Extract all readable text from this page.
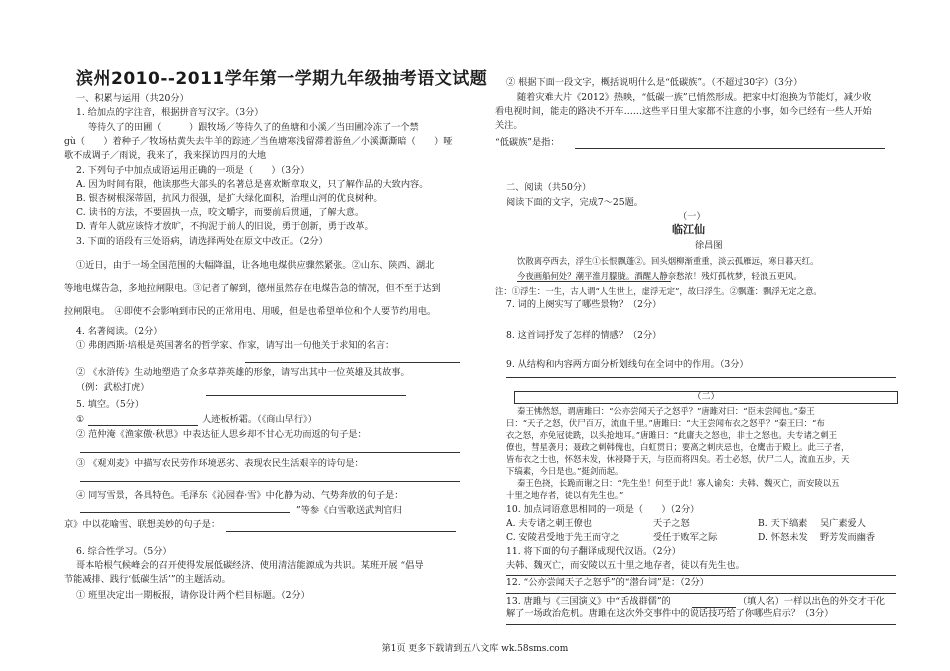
滨州2010--2011学年第一学期九年级抽考语文试题
一、积累与运用（共20分）
1. 给加点的字注音，根据拼音写汉字。（3分）
等待久了的田圃（　　　）跟牧场／等待久了的鱼塘和小溪／当田圃冷冻了一个禁
gù（　　）着种子／牧场枯黄失去牛羊的踪迹／当鱼塘寒浅留滞着游鱼／小溪澌澌暗（　　）哑
歌不成调子／雨说，我来了，我来探访四月的大地
2. 下列句子中加点成语运用正确的一项是（　　）（3分）
A. 因为时间有限，他读那些大部头的名著总是喜欢断章取义，只了解作品的大致内容。
B. 银杏树根深蒂固，抗风力很强，是扩大绿化面积，治理山河的优良树种。
C. 读书的方法，不要固执一点，咬文嚼字，而要前后贯通，了解大意。
D. 青年人就应该恃才放旷，不拘泥于前人的旧说，勇于创新，勇于改革。
3. 下面的语段有三处语病，请选择两处在原文中改正。（2分）
①近日，由于一场全国范围的大幅降温，让各地电煤供应骤然紧张。②山东、陕西、湖北
等地电煤告急，多地拉闸限电。③记者了解到，德州虽然存在电煤告急的情况，但不至于达到
拉闸限电。　④即使不会影响到市民的正常用电、用暖，但是也希望单位和个人要节约用电。
4. 名著阅读。（2分）
① 弗朗西斯·培根是英国著名的哲学家、作家，请写出一句他关于求知的名言：
② 《水浒传》生动地塑造了众多草莽英雄的形象，请写出其中一位英雄及其故事。
（例：武松打虎）
5. 填空。（5分）
①	人迹板桥霜。（《商山早行》）
② 范仲淹《渔家傲·秋思》中表达征人思乡却不甘心无功而返的句子是：
③ 《观刈麦》中描写农民劳作环境恶劣、表现农民生活艰辛的诗句是：
④ 同写雪景，各具特色。毛泽东《沁园春·雪》中化静为动、气势奔放的句子是：
”等参《白雪歌送武判官归
京》中以花喻雪、联想美妙的句子是：
6. 综合性学习。（5分）
哥本哈根气候峰会的召开使得发展低碳经济、使用清洁能源成为共识。某班开展 “倡导
节能减排、践行‘低碳生活’”的主题活动。
① 班里决定出一期板报，请你设计两个栏目标题。（2分）
② 根据下面一段文字，概括说明什么是“低碳族”。（不超过30字）（3分）
随着灾难大片《2012》热映，“低碳一族”已悄然形成。把家中灯泡换为节能灯，减少收
看电视时间，能走的路决不开车……这些平日里大家都不注意的小事，如今已经有一些人开始
关注。
“低碳族”是指：
二、阅读（共50分）
阅读下面的文字，完成7～25题。
（一）
临江仙
徐昌图
饮散离亭西去，浮生①长恨飘蓬②。回头烟柳渐重重，淡云孤雁远，寒日暮天红。
今夜画船何处？潮平淮月朦胧。酒醒人静奈愁浓！残灯孤枕梦，轻浪五更风。
注：①浮生：一生，古人谓“人生世上，虚浮无定”，故曰浮生。②飘蓬：飘浮无定之意。
7. 词的上阕实写了哪些景物？（2分）
8. 这首词抒发了怎样的情感？（2分）
9. 从结构和内容两方面分析划线句在全词中的作用。（3分）
（二）
秦王怫然怒，谓唐雎曰：“公亦尝闻天子之怒乎？”唐雎对曰：“臣未尝闻也。”秦王
曰：“天子之怒，伏尸百万，流血千里。”唐雎曰：“大王尝闻布衣之怒乎？”秦王曰：“布
衣之怒，亦免冠徒跣，以头抢地耳。”唐雎曰：“此庸夫之怒也，非士之怒也。夫专诸之刺王
僚也，彗星袭月；聂政之刺韩傀也，白虹贯日；要离之刺庆忌也，仓鹰击于殿上。此三子者，
皆布衣之士也，怀怒未发，休祲降于天，与臣而将四矣。若士必怒，伏尸二人，流血五步，天
下缟素，今日是也。”挺剑而起。
秦王色挠，长跪而谢之曰：“先生坐！何至于此！寡人谕矣：夫韩、魏灭亡，而安陵以五
十里之地存者，徒以有先生也。”
10. 加点词语意思相同的一项是（　　）（2分）
A. 夫专诸之刺王僚也	天子之怒	B. 天下缟素 吴广素爱人
C. 安陵君受地于先王而守之	受任于败军之际	D. 怀怒未发 野芳发而幽香
11. 将下面的句子翻译成现代汉语。（2分）
夫韩、魏灭亡，而安陵以五十里之地存者，徒以有先生也。
12. “公亦尝闻天子之怒乎”的“潜台词”是：（2分）
13. 唐雎与《三国演义》中“舌战群儒”的	（填人名）一样以出色的外交才干化
解了一场政治危机。唐雎在这次外交事件中的说话技巧给了你哪些启示？（3分）
第1页 更多下载请到五八文库 wk.58sms.com
